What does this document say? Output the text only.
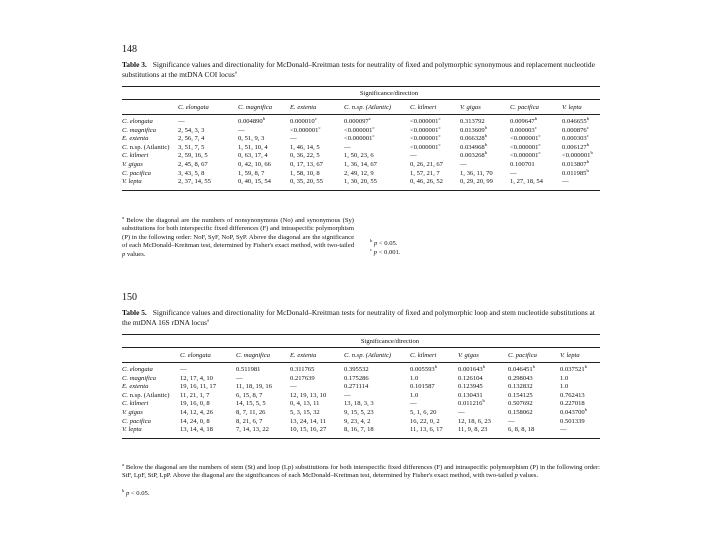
148
Table 3. Significance values and directionality for McDonald–Kreitman tests for neutrality of fixed and polymorphic synonymous and replacement nucleotide substitutions at the mtDNA COI locus$^a$

	Significance/direction							

	C. elongata	C. magnifica	E. extenta	C. n.sp. (Atlantic)	C. kilmeri	V. gigas	C. pacifica	V. lepta

C. elongata	—	0.004890$^b$	0.000010$^c$	0.000097$^c$	<0.000001$^c$	0.313792	0.009647$^b$	0.046655$^b$
C. magnifica	2, 54, 3, 3	—	<0.000001$^c$	<0.000001$^c$	<0.000001$^c$	0.013609$^b$	0.000003$^c$	0.000876$^c$
E. extenta	2, 56, 7, 4	0, 51, 9, 3	—	<0.000001$^c$	<0.000001$^c$	0.066328$^b$	<0.000001$^c$	0.000303$^c$
C. n.sp. (Atlantic)	3, 51, 7, 5	1, 51, 10, 4	1, 46, 14, 5	—	<0.000001$^c$	0.034968$^b$	<0.000001$^c$	0.006127$^b$
C. kilmeri	2, 59, 16, 5	0, 63, 17, 4	0, 36, 22, 5	1, 50, 23, 6	—	0.003268$^b$	<0.000001$^c$	<0.000001$^b$
V. gigas	2, 45, 8, 67	0, 42, 10, 66	0, 17, 13, 67	1, 36, 14, 67	0, 26, 21, 67	—	0.100701	0.013807$^b$
C. pacifica	3, 43, 5, 8	1, 59, 8, 7	1, 58, 10, 8	2, 49, 12, 9	1, 57, 21, 7	1, 36, 11, 70	—	0.011985$^b$
V. lepta	2, 37, 14, 55	0, 40, 15, 54	0, 35, 20, 55	1, 30, 20, 55	0, 46, 26, 52	0, 29, 20, 99	1, 27, 18, 54	—

$^a$ Below the diagonal are the numbers of nonsynonymous (No) and synonymous (Sy) substitutions for both interspecific fixed differences (F) and intraspecific polymorphism (P) in the following order: NoF, SyF, NoP, SyP. Above the diagonal are the significance of each McDonald–Kreitman test, determined by Fisher's exact method, with two-tailed p values.
$^b$ p < 0.05.
$^c$ p < 0.001.
150
Table 5. Significance values and directionality for McDonald–Kreitman tests for neutrality of fixed and polymorphic loop and stem nucleotide substitutions at the mtDNA 16S rDNA locus$^a$

	Significance/direction							

	C. elongata	C. magnifica	E. extenta	C. n.sp. (Atlantic)	C. kilmeri	V. gigas	C. pacifica	V. lepta

C. elongata	—	0.511981	0.311765	0.395532	0.005593$^b$	0.001643$^b$	0.046451$^b$	0.037521$^b$
C. magnifica	12, 17, 4, 10	—	0.217639	0.175286	1.0	0.126104	0.298043	1.0
E. extenta	19, 16, 11, 17	11, 18, 19, 16	—	0.271114	0.101587	0.123945	0.132832	1.0
C. n.sp. (Atlantic)	11, 21, 1, 7	6, 15, 8, 7	12, 19, 13, 10	—	1.0	0.130431	0.154125	0.762413
C. kilmeri	19, 16, 0, 8	14, 15, 5, 5	0, 4, 13, 11	13, 18, 3, 3	—	0.011216$^b$	0.507692	0.227018
V. gigas	14, 12, 4, 26	8, 7, 11, 26	5, 3, 15, 32	9, 15, 5, 23	5, 1, 6, 20	—	0.158062	0.043700$^b$
C. pacifica	14, 24, 0, 8	8, 21, 6, 7	13, 24, 14, 11	9, 23, 4, 2	16, 22, 0, 2	12, 18, 6, 23	—	0.501339
V. lepta	13, 14, 4, 18	7, 14, 13, 22	10, 15, 16, 27	8, 16, 7, 18	11, 13, 6, 17	11, 9, 8, 23	6, 8, 8, 18	—

$^a$ Below the diagonal are the numbers of stem (St) and loop (Lp) substitutions for both interspecific fixed differences (F) and intraspecific polymorphism (P) in the following order: StF, LpF, StP, LpP. Above the diagonal are the significances of each McDonald–Kreitman test, determined by Fisher's exact method, with two-tailed p values.
$^b$ p < 0.05.
